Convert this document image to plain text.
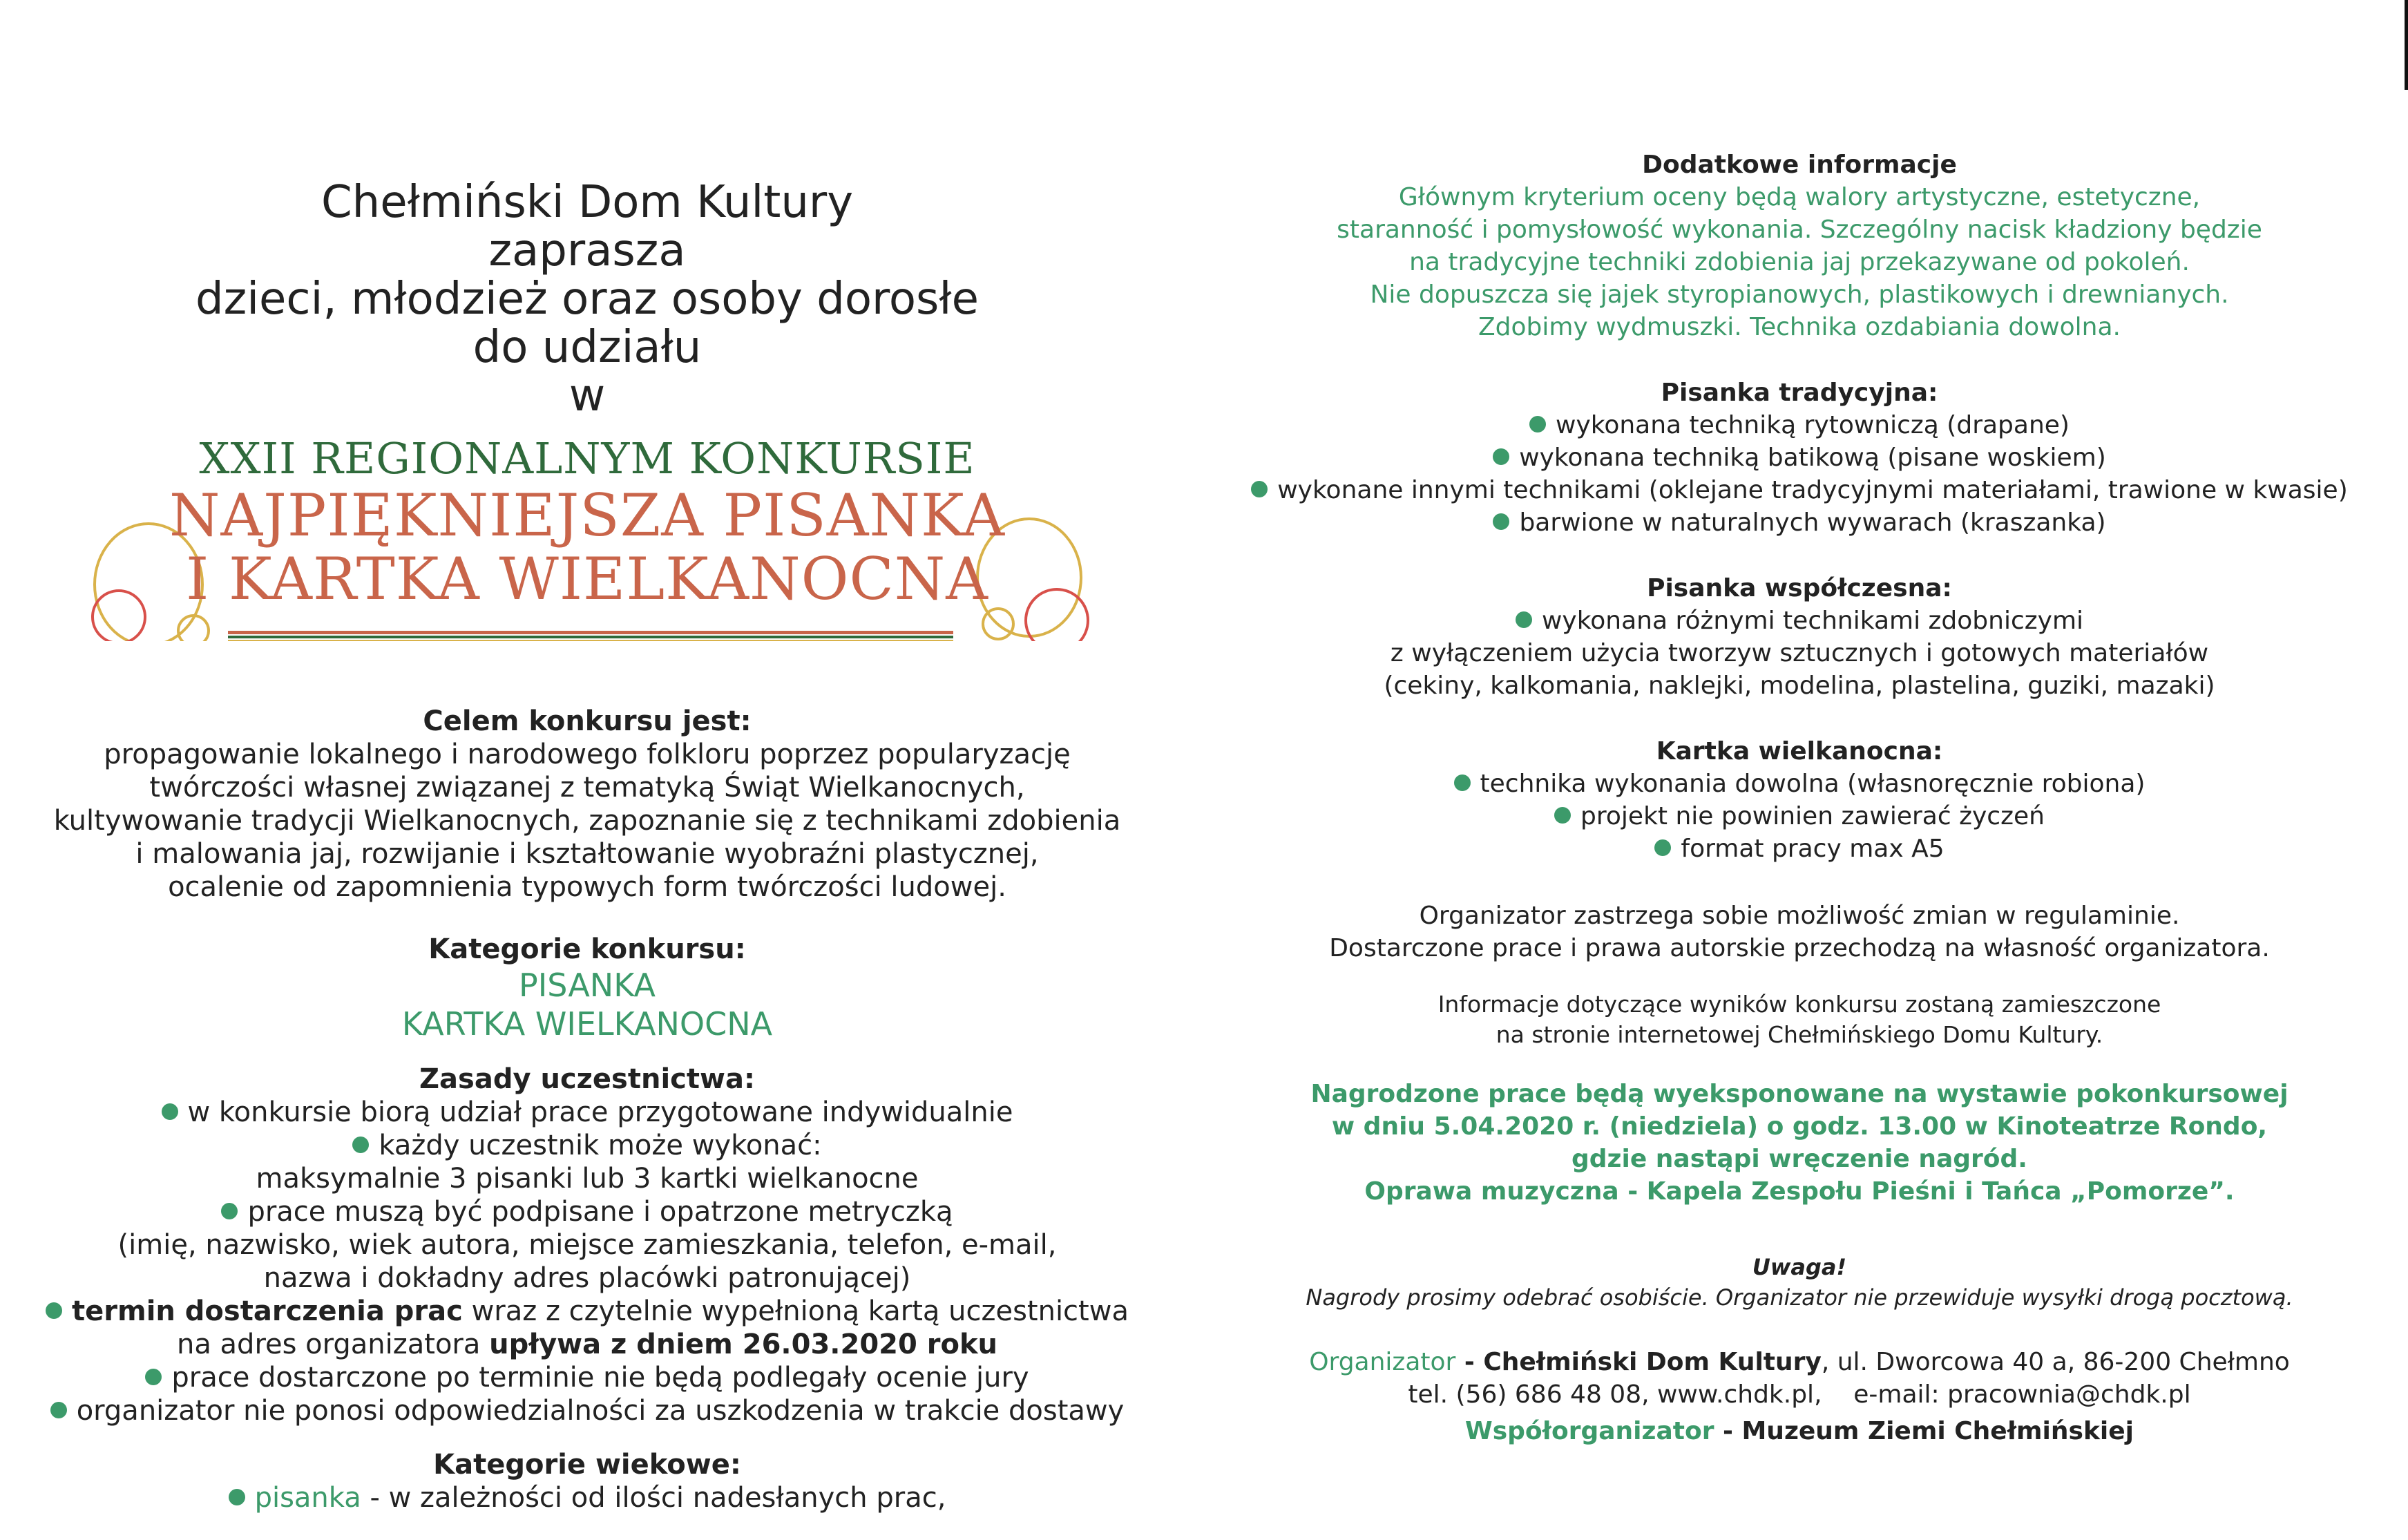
Chełmiński Dom Kultury
zaprasza
dzieci, młodzież oraz osoby dorosłe
do udziału
w
XXII REGIONALNYM KONKURSIE
NAJPIĘKNIEJSZA PISANKA
I KARTKA WIELKANOCNA
Celem konkursu jest:
propagowanie lokalnego i narodowego folkloru poprzez popularyzację
twórczości własnej związanej z tematyką Świąt Wielkanocnych,
kultywowanie tradycji Wielkanocnych, zapoznanie się z technikami zdobienia
i malowania jaj, rozwijanie i kształtowanie wyobraźni plastycznej,
ocalenie od zapomnienia typowych form twórczości ludowej.
Kategorie konkursu:
PISANKA
KARTKA WIELKANOCNA
Zasady uczestnictwa:
w konkursie biorą udział prace przygotowane indywidualnie
każdy uczestnik może wykonać:
maksymalnie 3 pisanki lub 3 kartki wielkanocne
prace muszą być podpisane i opatrzone metryczką
(imię, nazwisko, wiek autora, miejsce zamieszkania, telefon, e-mail,
nazwa i dokładny adres placówki patronującej)
termin dostarczenia prac wraz z czytelnie wypełnioną kartą uczestnictwa
na adres organizatora upływa z dniem 26.03.2020 roku
prace dostarczone po terminie nie będą podlegały ocenie jury
organizator nie ponosi odpowiedzialności za uszkodzenia w trakcie dostawy
Kategorie wiekowe:
pisanka - w zależności od ilości nadesłanych prac,
Dodatkowe informacje
Głównym kryterium oceny będą walory artystyczne, estetyczne,
staranność i pomysłowość wykonania. Szczególny nacisk kładziony będzie
na tradycyjne techniki zdobienia jaj przekazywane od pokoleń.
Nie dopuszcza się jajek styropianowych, plastikowych i drewnianych.
Zdobimy wydmuszki. Technika ozdabiania dowolna.
Pisanka tradycyjna:
wykonana techniką rytowniczą (drapane)
wykonana techniką batikową (pisane woskiem)
wykonane innymi technikami (oklejane tradycyjnymi materiałami, trawione w kwasie)
barwione w naturalnych wywarach (kraszanka)
Pisanka współczesna:
wykonana różnymi technikami zdobniczymi
z wyłączeniem użycia tworzyw sztucznych i gotowych materiałów
(cekiny, kalkomania, naklejki, modelina, plastelina, guziki, mazaki)
Kartka wielkanocna:
technika wykonania dowolna (własnoręcznie robiona)
projekt nie powinien zawierać życzeń
format pracy max A5
Organizator zastrzega sobie możliwość zmian w regulaminie.
Dostarczone prace i prawa autorskie przechodzą na własność organizatora.
Informacje dotyczące wyników konkursu zostaną zamieszczone
na stronie internetowej Chełmińskiego Domu Kultury.
Nagrodzone prace będą wyeksponowane na wystawie pokonkursowej
w dniu 5.04.2020 r. (niedziela) o godz. 13.00 w Kinoteatrze Rondo,
gdzie nastąpi wręczenie nagród.
Oprawa muzyczna - Kapela Zespołu Pieśni i Tańca „Pomorze”.
Uwaga!
Nagrody prosimy odebrać osobiście. Organizator nie przewiduje wysyłki drogą pocztową.
Organizator - Chełmiński Dom Kultury, ul. Dworcowa 40 a, 86-200 Chełmno
tel. (56) 686 48 08, www.chdk.pl,    e-mail: pracownia@chdk.pl
Współorganizator - Muzeum Ziemi Chełmińskiej
